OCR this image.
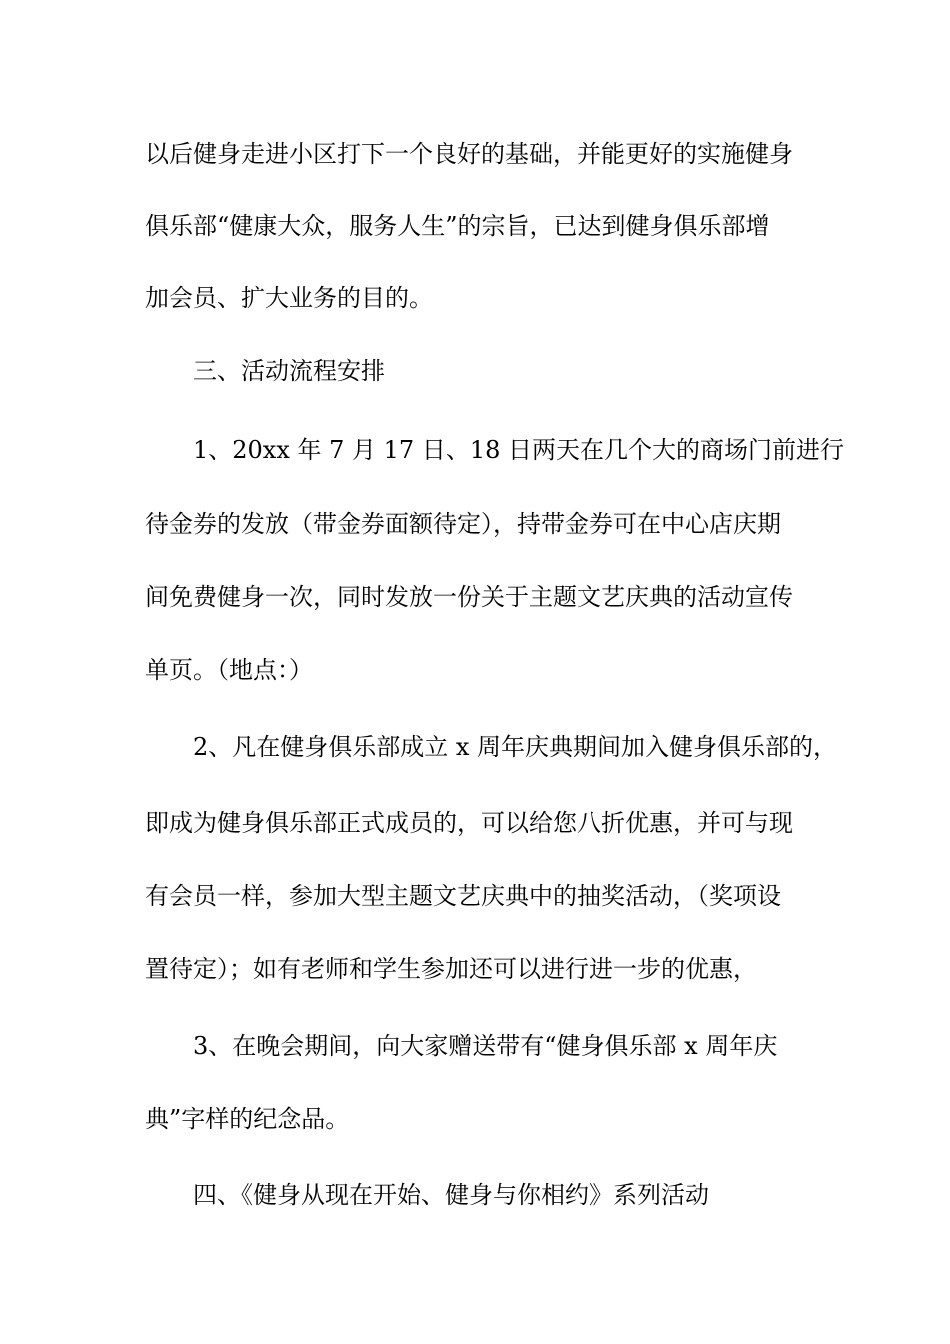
以后健身走进小区打下一个良好的基础，并能更好的实施健身
俱乐部“健康大众，服务人生”的宗旨，已达到健身俱乐部增
加会员、扩大业务的目的。
三、活动流程安排
1、20xx 年 7 月 17 日、18 日两天在几个大的商场门前进行
待金券的发放（带金券面额待定），持带金券可在中心店庆期
间免费健身一次，同时发放一份关于主题文艺庆典的活动宣传
单页。（地点：）
2、凡在健身俱乐部成立 x 周年庆典期间加入健身俱乐部的，
即成为健身俱乐部正式成员的，可以给您八折优惠，并可与现
有会员一样，参加大型主题文艺庆典中的抽奖活动，（奖项设
置待定）；如有老师和学生参加还可以进行进一步的优惠，
3、在晚会期间，向大家赠送带有“健身俱乐部 x 周年庆
典”字样的纪念品。
四、《健身从现在开始、健身与你相约》系列活动
